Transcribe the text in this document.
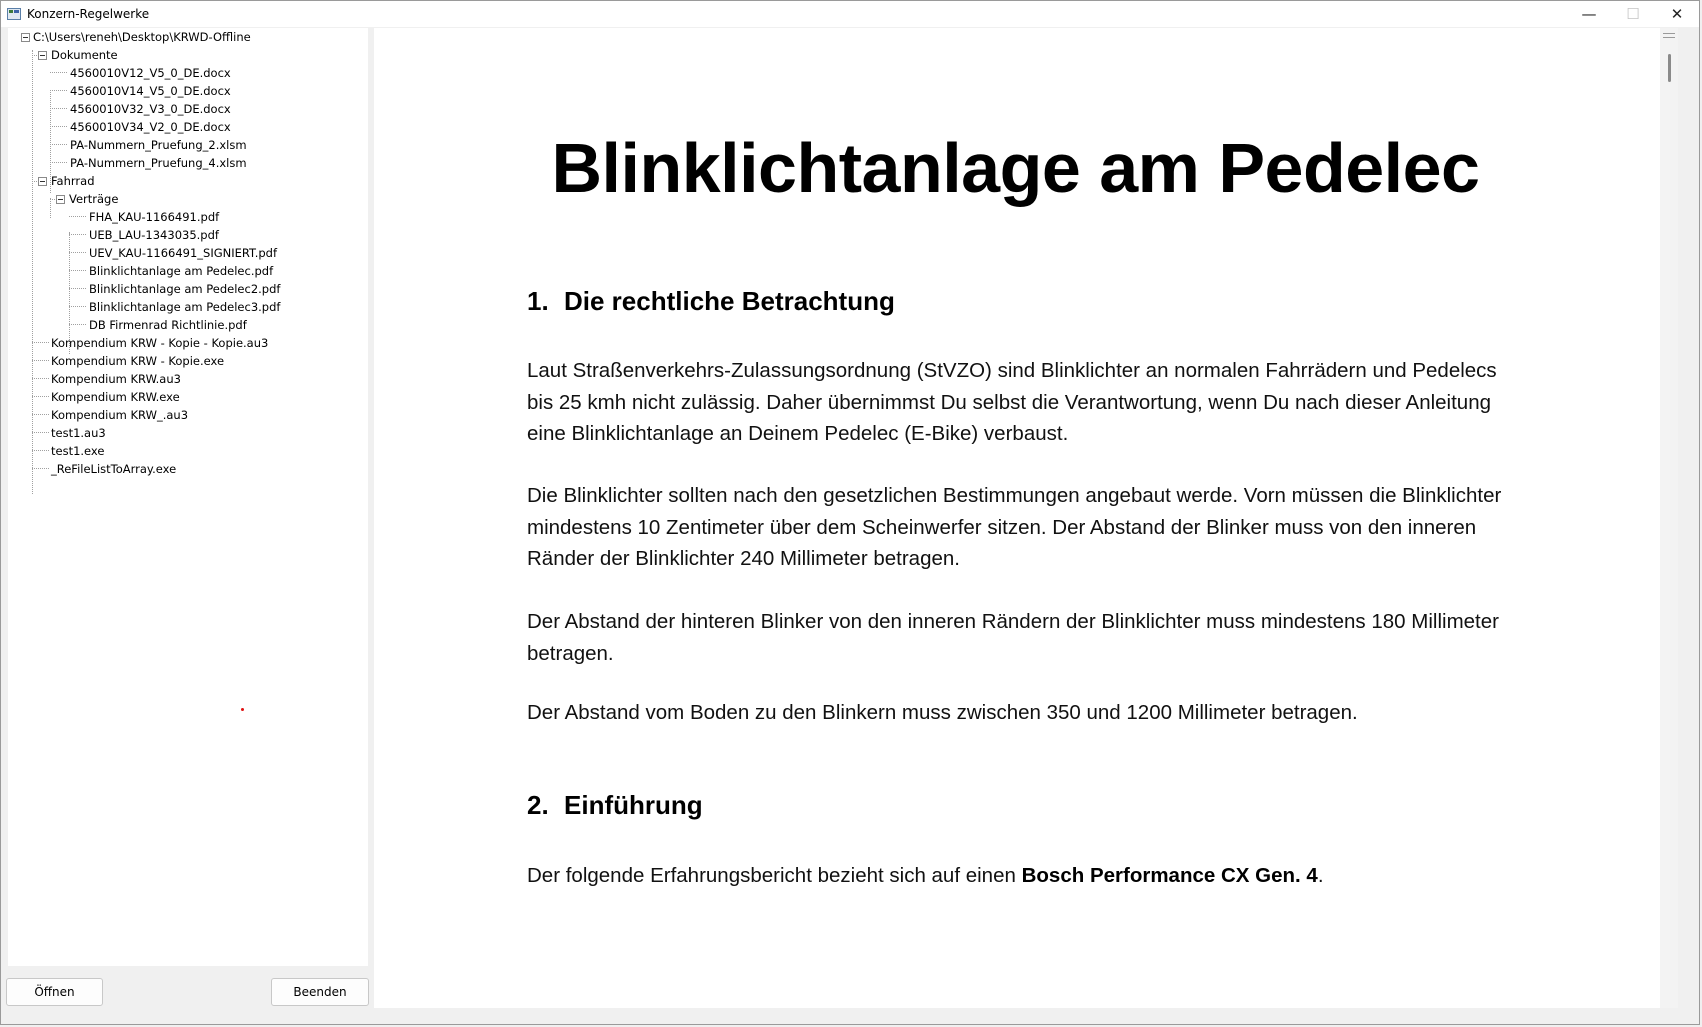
Konzern-Regelwerke	— ☐ ✕
C:\Users\reneh\Desktop\KRWD-Offline
Dokumente
4560010V12_V5_0_DE.docx
4560010V14_V5_0_DE.docx
4560010V32_V3_0_DE.docx
4560010V34_V2_0_DE.docx
PA-Nummern_Pruefung_2.xlsm
PA-Nummern_Pruefung_4.xlsm
Fahrrad
Verträge
FHA_KAU-1166491.pdf
UEB_LAU-1343035.pdf
UEV_KAU-1166491_SIGNIERT.pdf
Blinklichtanlage am Pedelec.pdf
Blinklichtanlage am Pedelec2.pdf
Blinklichtanlage am Pedelec3.pdf
DB Firmenrad Richtlinie.pdf
Kompendium KRW - Kopie - Kopie.au3
Kompendium KRW - Kopie.exe
Kompendium KRW.au3
Kompendium KRW.exe
Kompendium KRW_.au3
test1.au3
test1.exe
_ReFileListToArray.exe
Öffnen	Beenden
Blinklichtanlage am Pedelec
1. Die rechtliche Betrachtung
Laut Straßenverkehrs-Zulassungsordnung (StVZO) sind Blinklichter an normalen Fahrrädern und Pedelecs bis 25 kmh nicht zulässig. Daher übernimmst Du selbst die Verantwortung, wenn Du nach dieser Anleitung eine Blinklichtanlage an Deinem Pedelec (E-Bike) verbaust.
Die Blinklichter sollten nach den gesetzlichen Bestimmungen angebaut werde. Vorn müssen die Blinklichter mindestens 10 Zentimeter über dem Scheinwerfer sitzen. Der Abstand der Blinker muss von den inneren Ränder der Blinklichter 240 Millimeter betragen.
Der Abstand der hinteren Blinker von den inneren Rändern der Blinklichter muss mindestens 180 Millimeter betragen.
Der Abstand vom Boden zu den Blinkern muss zwischen 350 und 1200 Millimeter betragen.
2. Einführung
Der folgende Erfahrungsbericht bezieht sich auf einen Bosch Performance CX Gen. 4.
